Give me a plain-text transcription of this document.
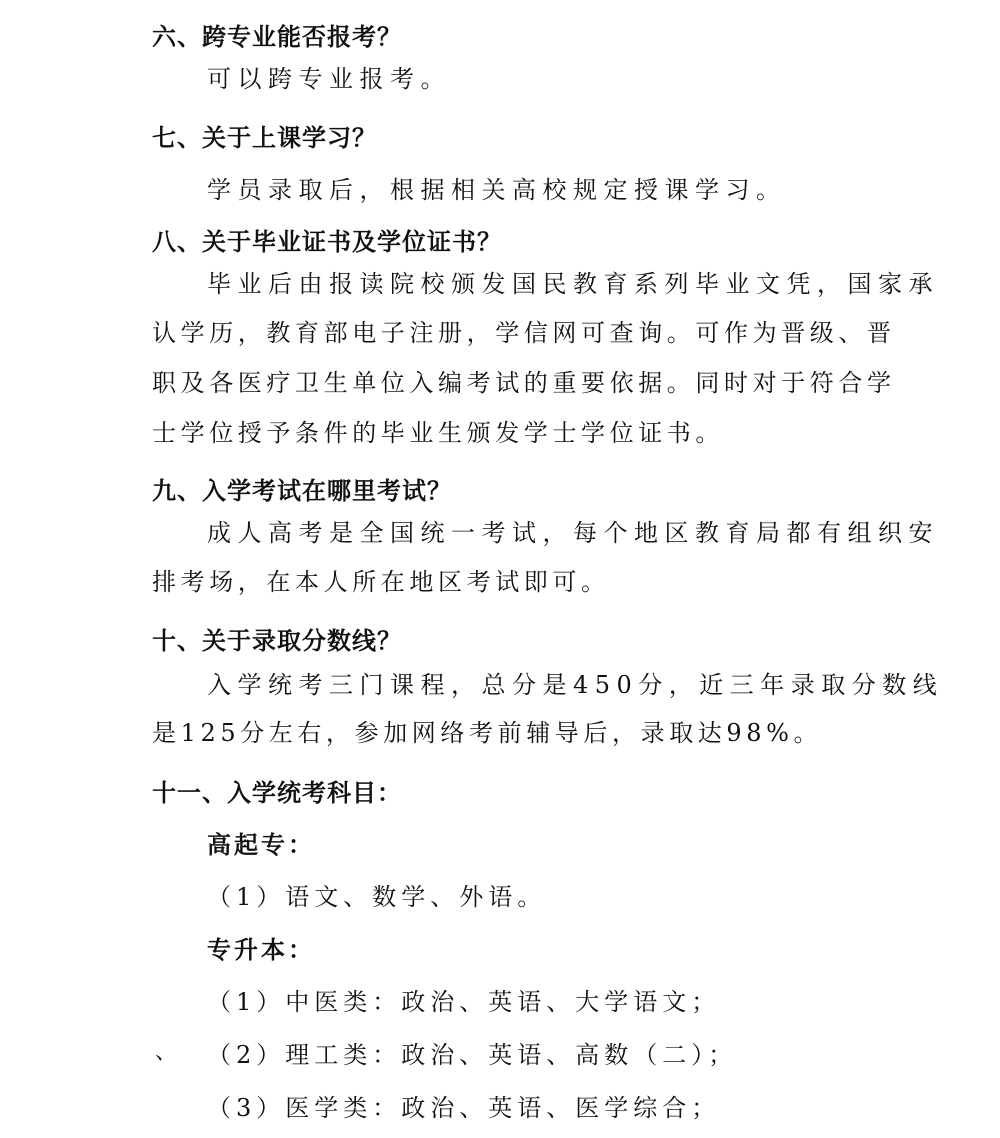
六、跨专业能否报考？
可以跨专业报考。
七、关于上课学习？
学员录取后，根据相关高校规定授课学习。
八、关于毕业证书及学位证书？
毕业后由报读院校颁发国民教育系列毕业文凭，国家承
认学历，教育部电子注册，学信网可查询。可作为晋级、晋
职及各医疗卫生单位入编考试的重要依据。同时对于符合学
士学位授予条件的毕业生颁发学士学位证书。
九、入学考试在哪里考试？
成人高考是全国统一考试，每个地区教育局都有组织安
排考场，在本人所在地区考试即可。
十、关于录取分数线？
入学统考三门课程，总分是450分，近三年录取分数线
是125分左右，参加网络考前辅导后，录取达98%。
十一、入学统考科目：
高起专：
（1）语文、数学、外语。
专升本：
（1）中医类：政治、英语、大学语文；
、 （2）理工类：政治、英语、高数（二）；
（3）医学类：政治、英语、医学综合；
